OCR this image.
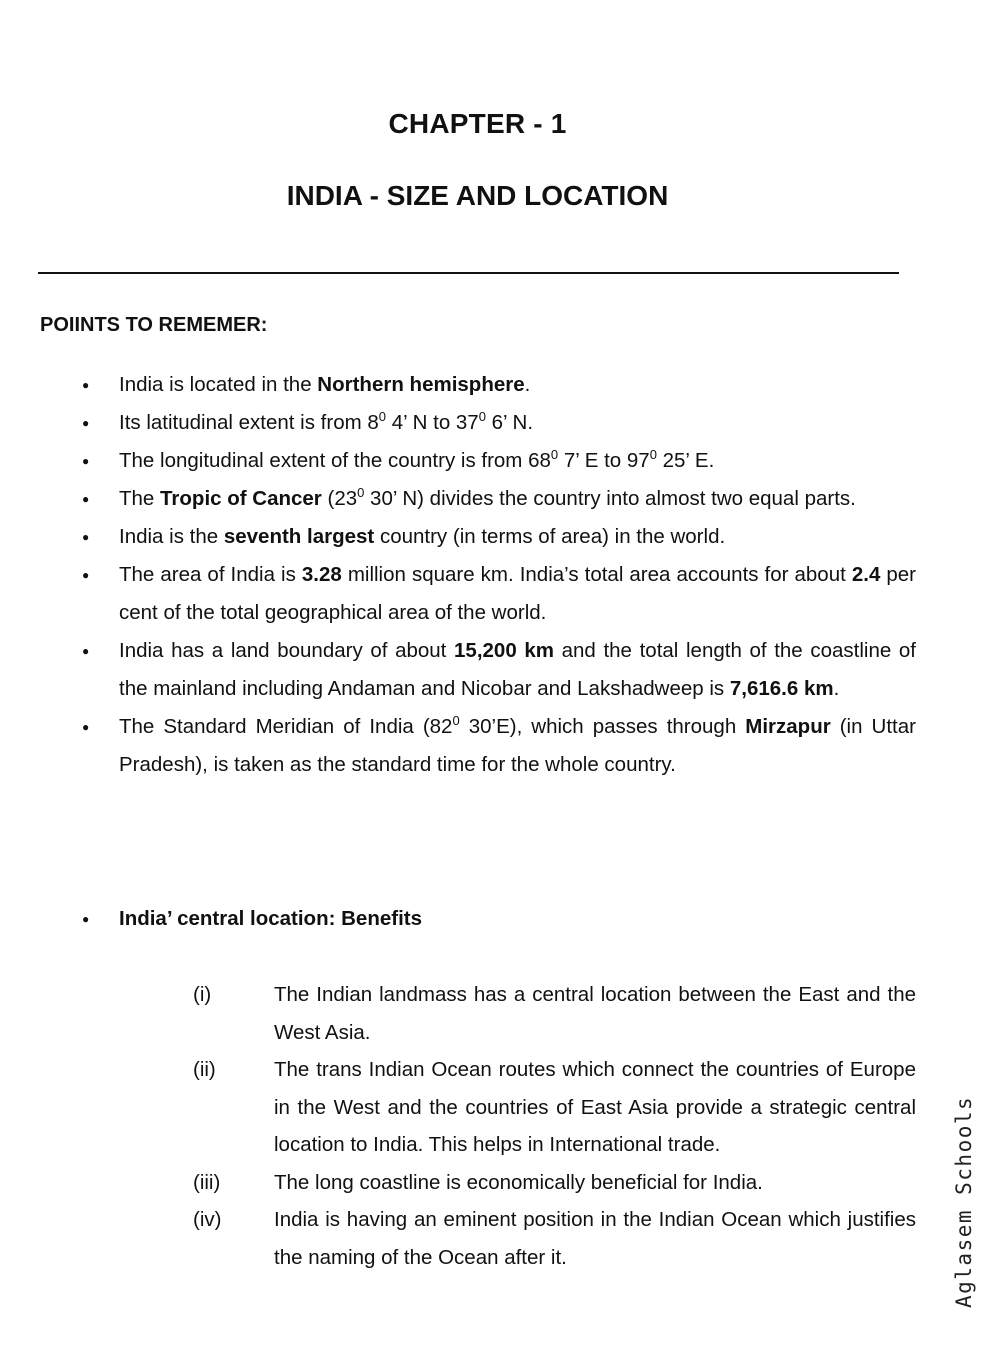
CHAPTER - 1
INDIA - SIZE AND LOCATION
POIINTS TO REMEMER:
● India is located in the Northern hemisphere.
● Its latitudinal extent is from $8^0$ 4’ N to $37^0$ 6’ N.
● The longitudinal extent of the country is from $68^0$ 7’ E to $97^0$ 25’ E.
● The Tropic of Cancer ($23^0$ 30’ N) divides the country into almost two equal parts.
● India is the seventh largest country (in terms of area) in the world.
● The area of India is 3.28 million square km. India’s total area accounts for about 2.4 per cent of the total geographical area of the world.
● India has a land boundary of about 15,200 km and the total length of the coastline of the mainland including Andaman and Nicobar and Lakshadweep is 7,616.6 km.
● The Standard Meridian of India ($82^0$ 30’E), which passes through Mirzapur (in Uttar Pradesh), is taken as the standard time for the whole country.
● India’ central location: Benefits
(i)	The Indian landmass has a central location between the East and the West Asia.
(ii)	The trans Indian Ocean routes which connect the countries of Europe in the West and the countries of East Asia provide a strategic central location to India. This helps in International trade.
(iii)	The long coastline is economically beneficial for India.
(iv)	India is having an eminent position in the Indian Ocean which justifies the naming of the Ocean after it.	Aglasem Schools
